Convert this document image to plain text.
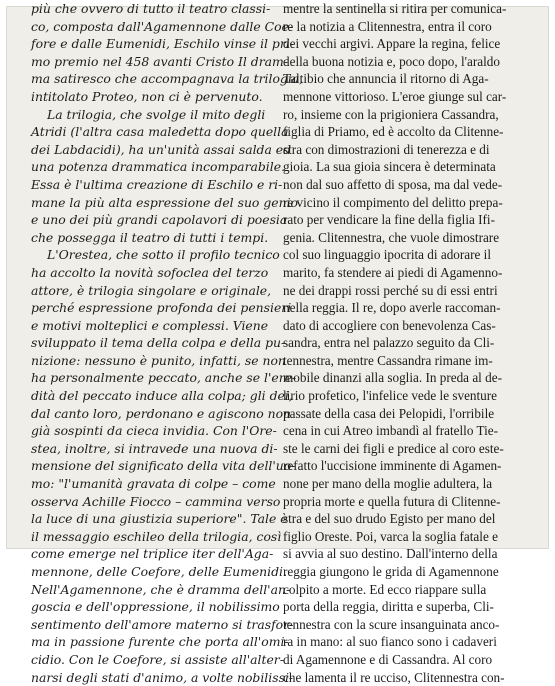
più che ovvero di tutto il teatro classi-
co, composta dall'Agamennone dalle Coe-
fore e dalle Eumenidi, Eschilo vinse il pri-
mo premio nel 458 avanti Cristo Il dram-
ma satiresco che accompagnava la trilogia,
intitolato Proteo, non ci è pervenuto.
La trilogia, che svolge il mito degli
Atridi (l'altra casa maledetta dopo quella
dei Labdacidi), ha un'unità assai salda ed
una potenza drammatica incomparabile.
Essa è l'ultima creazione di Eschilo e ri-
mane la più alta espressione del suo genio
e uno dei più grandi capolavori di poesia
che posseggа il teatro di tutti i tempi.
L'Orestea, che sotto il profilo tecnico
ha accolto la novità sofoclea del terzo
attore, è trilogia singolare e originale,
perché espressione profonda dei pensieri
e motivi molteplici e complessi. Viene
sviluppato il tema della colpa e della pu-
nizione: nessuno è punito, infatti, se non
ha personalmente peccato, anche se l'ere-
dità del peccato induce alla colpa; gli dei,
dal canto loro, perdonano e agiscono non
già sospinti da cieca invidia. Con l'Ore-
stea, inoltre, si intravede una nuova di-
mensione del significato della vita dell'uo-
mo: "l'umanità gravata di colpe – come
osserva Achille Fiocco – cammina verso
la luce di una giustizia superiore". Tale è
il messaggio eschileo della trilogia, così
come emerge nel triplice iter dell'Aga-
mennone, delle Coefore, delle Eumenidi.
Nell'Agamennone, che è dramma dell'an-
goscia e dell'oppressione, il nobilissimo
sentimento dell'amore materno si trasfor-
ma in passione furente che porta all'omi-
cidio. Con le Coefore, si assiste all'alter-
narsi degli stati d'animo, a volte nobilissi-
mentre la sentinella si ritira per comunica-
re la notizia a Clitennestra, entra il coro
dei vecchi argivi. Appare la regina, felice
della buona notizia e, poco dopo, l'araldo
Taltibio che annuncia il ritorno di Aga-
mennone vittorioso. L'eroe giunge sul car-
ro, insieme con la prigioniera Cassandra,
figlia di Priamo, ed è accolto da Clitenne-
stra con dimostrazioni di tenerezza e di
gioia. La sua gioia sincera è determinata
non dal suo affetto di sposa, ma dal vede-
re vicino il compimento del delitto prepa-
rato per vendicare la fine della figlia Ifi-
genia. Clitennestra, che vuole dimostrare
col suo linguaggio ipocrita di adorare il
marito, fa stendere ai piedi di Agamenno-
ne dei drappi rossi perché su di essi entri
nella reggia. Il re, dopo averle raccoman-
dato di accogliere con benevolenza Cas-
sandra, entra nel palazzo seguito da Cli-
tennestra, mentre Cassandra rimane im-
mobile dinanzi alla soglia. In preda al de-
lirio profetico, l'infelice vede le sventure
passate della casa dei Pelopidi, l'orribile
cena in cui Atreo imbandì al fratello Tie-
ste le carni dei figli e predice al coro este-
refatto l'uccisione imminente di Agamen-
none per mano della moglie adultera, la
propria morte e quella futura di Clitenne-
stra e del suo drudo Egisto per mano del
figlio Oreste. Poi, varca la soglia fatale e
si avvia al suo destino. Dall'interno della
reggia giungono le grida di Agamennone
colpito a morte. Ed ecco riappare sulla
porta della reggia, diritta e superba, Cli-
tennestra con la scure insanguinata anco-
ra in mano: al suo fianco sono i cadaveri
di Agamennone e di Cassandra. Al coro
che lamenta il re ucciso, Clitennestra con-
